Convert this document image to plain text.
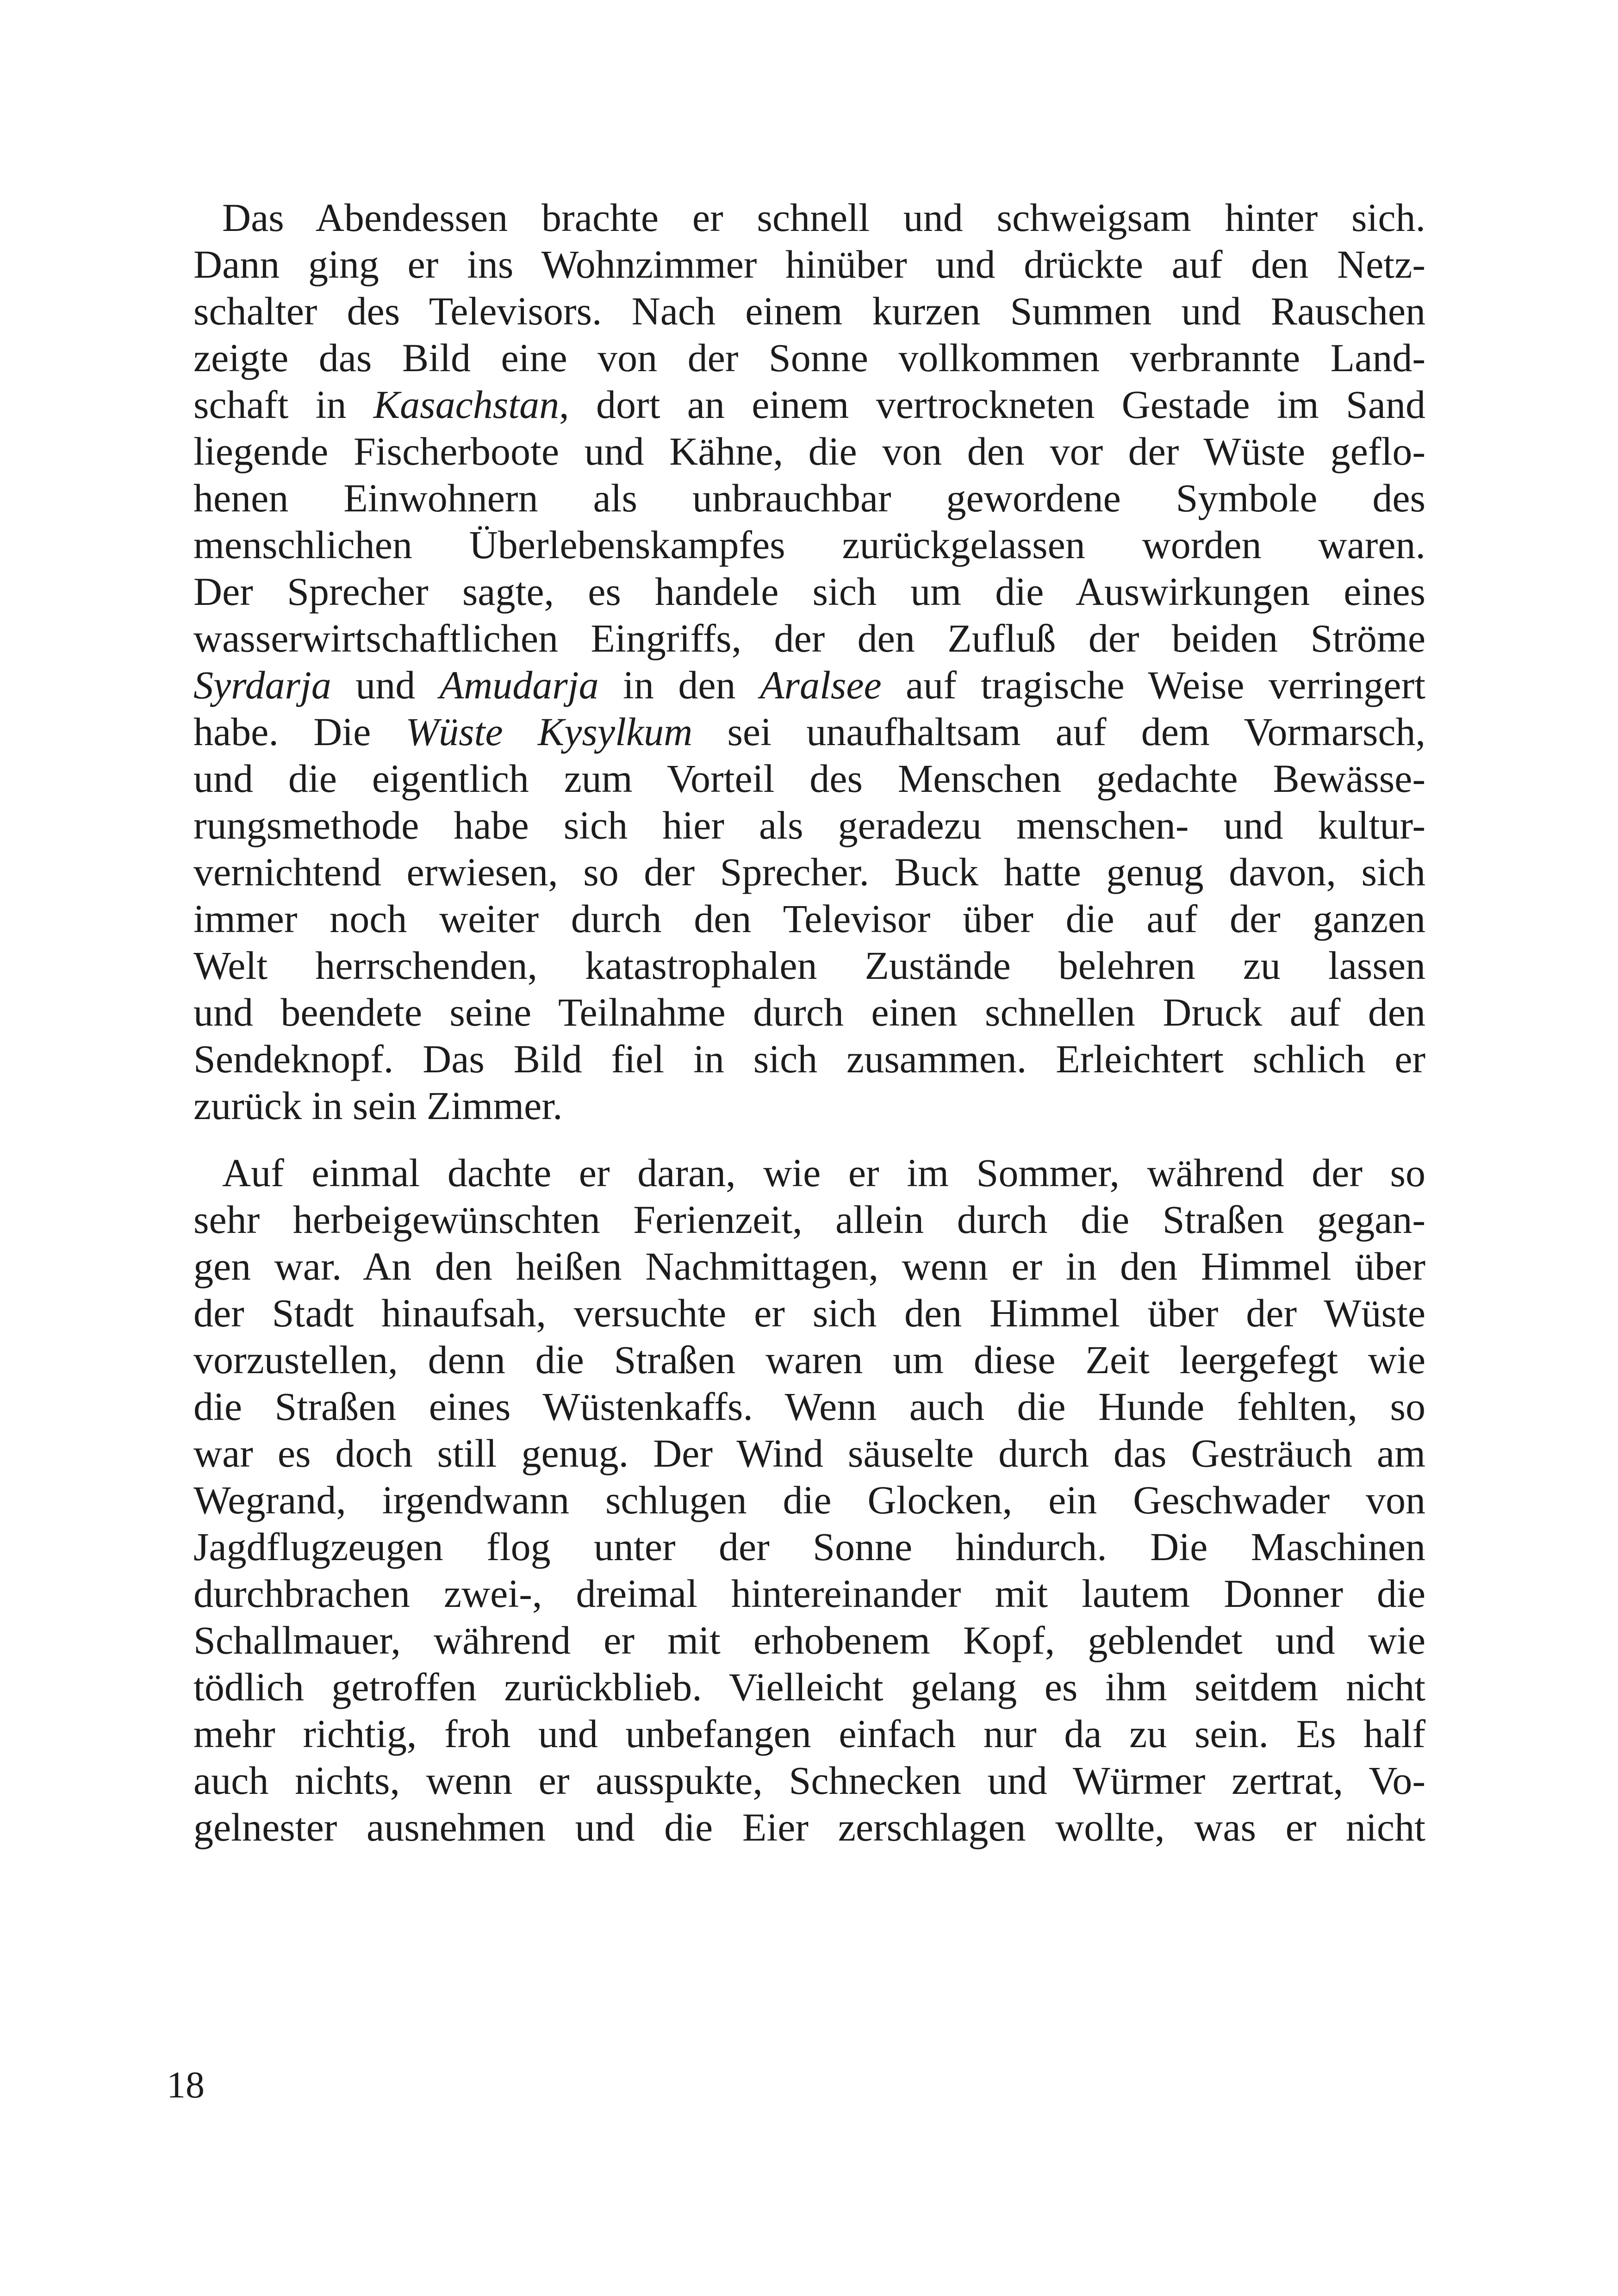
Das Abendessen brachte er schnell und schweigsam hinter sich.
Dann ging er ins Wohnzimmer hinüber und drückte auf den Netz-
schalter des Televisors. Nach einem kurzen Summen und Rauschen
zeigte das Bild eine von der Sonne vollkommen verbrannte Land-
schaft in Kasachstan, dort an einem vertrockneten Gestade im Sand
liegende Fischerboote und Kähne, die von den vor der Wüste geflo-
henen Einwohnern als unbrauchbar gewordene Symbole des
menschlichen Überlebenskampfes zurückgelassen worden waren.
Der Sprecher sagte, es handele sich um die Auswirkungen eines
wasserwirtschaftlichen Eingriffs, der den Zufluß der beiden Ströme
Syrdarja und Amudarja in den Aralsee auf tragische Weise verringert
habe. Die Wüste Kysylkum sei unaufhaltsam auf dem Vormarsch,
und die eigentlich zum Vorteil des Menschen gedachte Bewässe-
rungsmethode habe sich hier als geradezu menschen- und kultur-
vernichtend erwiesen, so der Sprecher. Buck hatte genug davon, sich
immer noch weiter durch den Televisor über die auf der ganzen
Welt herrschenden, katastrophalen Zustände belehren zu lassen
und beendete seine Teilnahme durch einen schnellen Druck auf den
Sendeknopf. Das Bild fiel in sich zusammen. Erleichtert schlich er
zurück in sein Zimmer.
Auf einmal dachte er daran, wie er im Sommer, während der so
sehr herbeigewünschten Ferienzeit, allein durch die Straßen gegan-
gen war. An den heißen Nachmittagen, wenn er in den Himmel über
der Stadt hinaufsah, versuchte er sich den Himmel über der Wüste
vorzustellen, denn die Straßen waren um diese Zeit leergefegt wie
die Straßen eines Wüstenkaffs. Wenn auch die Hunde fehlten, so
war es doch still genug. Der Wind säuselte durch das Gesträuch am
Wegrand, irgendwann schlugen die Glocken, ein Geschwader von
Jagdflugzeugen flog unter der Sonne hindurch. Die Maschinen
durchbrachen zwei-, dreimal hintereinander mit lautem Donner die
Schallmauer, während er mit erhobenem Kopf, geblendet und wie
tödlich getroffen zurückblieb. Vielleicht gelang es ihm seitdem nicht
mehr richtig, froh und unbefangen einfach nur da zu sein. Es half
auch nichts, wenn er ausspukte, Schnecken und Würmer zertrat, Vo-
gelnester ausnehmen und die Eier zerschlagen wollte, was er nicht
18
